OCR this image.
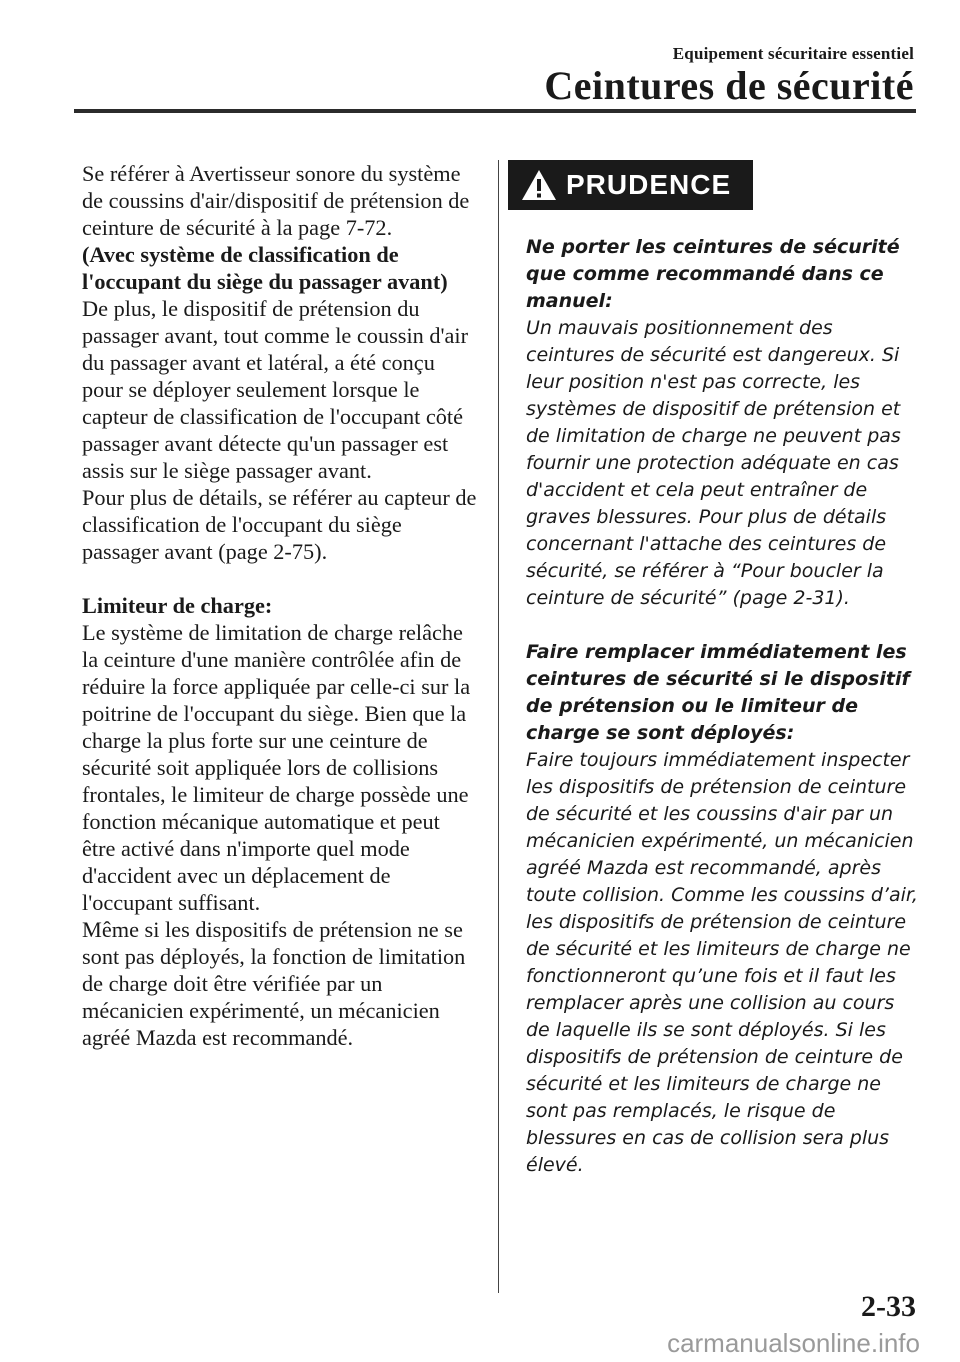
Equipement sécuritaire essentiel
Ceintures de sécurité

Se référer à Avertisseur sonore du système de coussins d'air/dispositif de prétension de ceinture de sécurité à la page 7-72.

(Avec système de classification de l'occupant du siège du passager avant)

De plus, le dispositif de prétension du passager avant, tout comme le coussin d'air du passager avant et latéral, a été conçu pour se déployer seulement lorsque le capteur de classification de l'occupant côté passager avant détecte qu'un passager est assis sur le siège passager avant.

Pour plus de détails, se référer au capteur de classification de l'occupant du siège passager avant (page 2-75).

Limiteur de charge:

Le système de limitation de charge relâche la ceinture d'une manière contrôlée afin de réduire la force appliquée par celle-ci sur la poitrine de l'occupant du siège. Bien que la charge la plus forte sur une ceinture de sécurité soit appliquée lors de collisions frontales, le limiteur de charge possède une fonction mécanique automatique et peut être activé dans n'importe quel mode d'accident avec un déplacement de l'occupant suffisant.

Même si les dispositifs de prétension ne se sont pas déployés, la fonction de limitation de charge doit être vérifiée par un mécanicien expérimenté, un mécanicien agréé Mazda est recommandé.

PRUDENCE

Ne porter les ceintures de sécurité que comme recommandé dans ce manuel:

Un mauvais positionnement des ceintures de sécurité est dangereux. Si leur position n'est pas correcte, les systèmes de dispositif de prétension et de limitation de charge ne peuvent pas fournir une protection adéquate en cas d'accident et cela peut entraîner de graves blessures. Pour plus de détails concernant l'attache des ceintures de sécurité, se référer à “Pour boucler la ceinture de sécurité” (page 2-31).

Faire remplacer immédiatement les ceintures de sécurité si le dispositif de prétension ou le limiteur de charge se sont déployés:

Faire toujours immédiatement inspecter les dispositifs de prétension de ceinture de sécurité et les coussins d'air par un mécanicien expérimenté, un mécanicien agréé Mazda est recommandé, après toute collision. Comme les coussins d’air, les dispositifs de prétension de ceinture de sécurité et les limiteurs de charge ne fonctionneront qu’une fois et il faut les remplacer après une collision au cours de laquelle ils se sont déployés. Si les dispositifs de prétension de ceinture de sécurité et les limiteurs de charge ne sont pas remplacés, le risque de blessures en cas de collision sera plus élevé.

2-33
carmanualsonline.info
